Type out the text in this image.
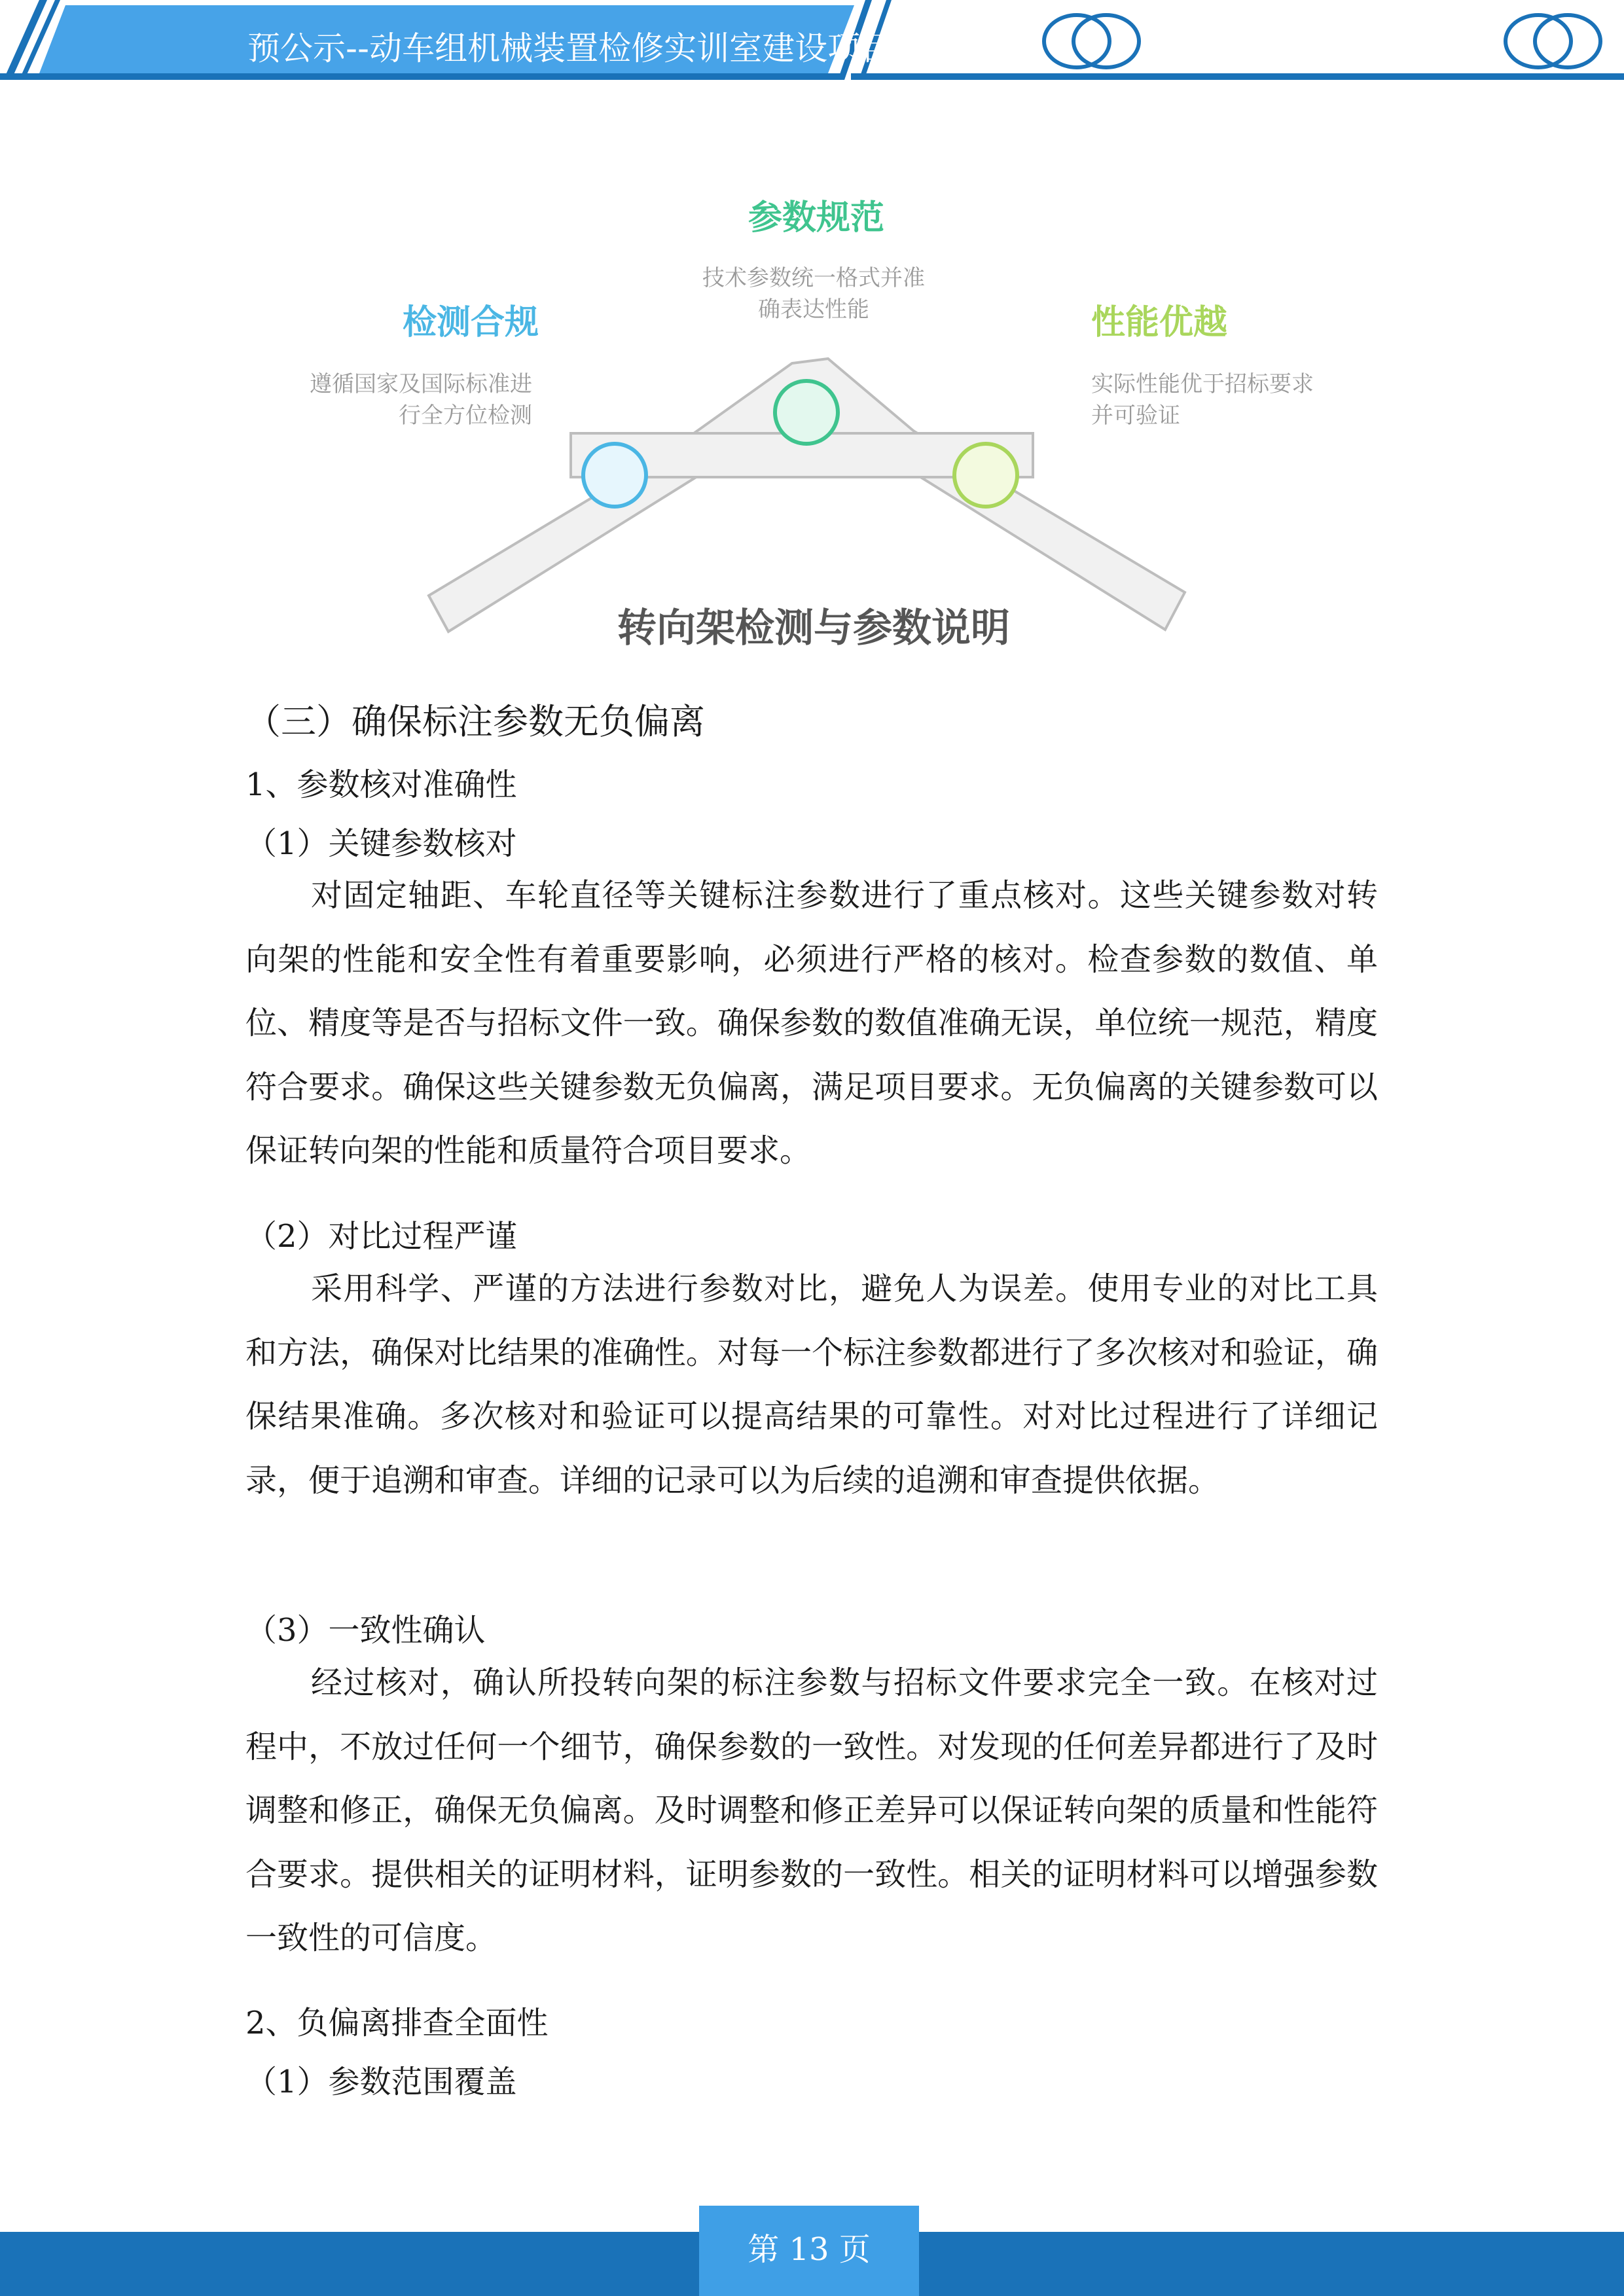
预公示--动车组机械装置检修实训室建设项目
参数规范
技术参数统一格式并准
确表达性能
检测合规
遵循国家及国际标准进
行全方位检测
性能优越
实际性能优于招标要求
并可验证
转向架检测与参数说明
（三）确保标注参数无负偏离
1、参数核对准确性
（1）关键参数核对
对固定轴距、车轮直径等关键标注参数进行了重点核对。这些关键参数对转向架的性能和安全性有着重要影响，必须进行严格的核对。检查参数的数值、单位、精度等是否与招标文件一致。确保参数的数值准确无误，单位统一规范，精度符合要求。确保这些关键参数无负偏离，满足项目要求。无负偏离的关键参数可以保证转向架的性能和质量符合项目要求。
（2）对比过程严谨
采用科学、严谨的方法进行参数对比，避免人为误差。使用专业的对比工具和方法，确保对比结果的准确性。对每一个标注参数都进行了多次核对和验证，确保结果准确。多次核对和验证可以提高结果的可靠性。对对比过程进行了详细记录，便于追溯和审查。详细的记录可以为后续的追溯和审查提供依据。
（3）一致性确认
经过核对，确认所投转向架的标注参数与招标文件要求完全一致。在核对过程中，不放过任何一个细节，确保参数的一致性。对发现的任何差异都进行了及时调整和修正，确保无负偏离。及时调整和修正差异可以保证转向架的质量和性能符合要求。提供相关的证明材料，证明参数的一致性。相关的证明材料可以增强参数一致性的可信度。
2、负偏离排查全面性
（1）参数范围覆盖
第 13 页
